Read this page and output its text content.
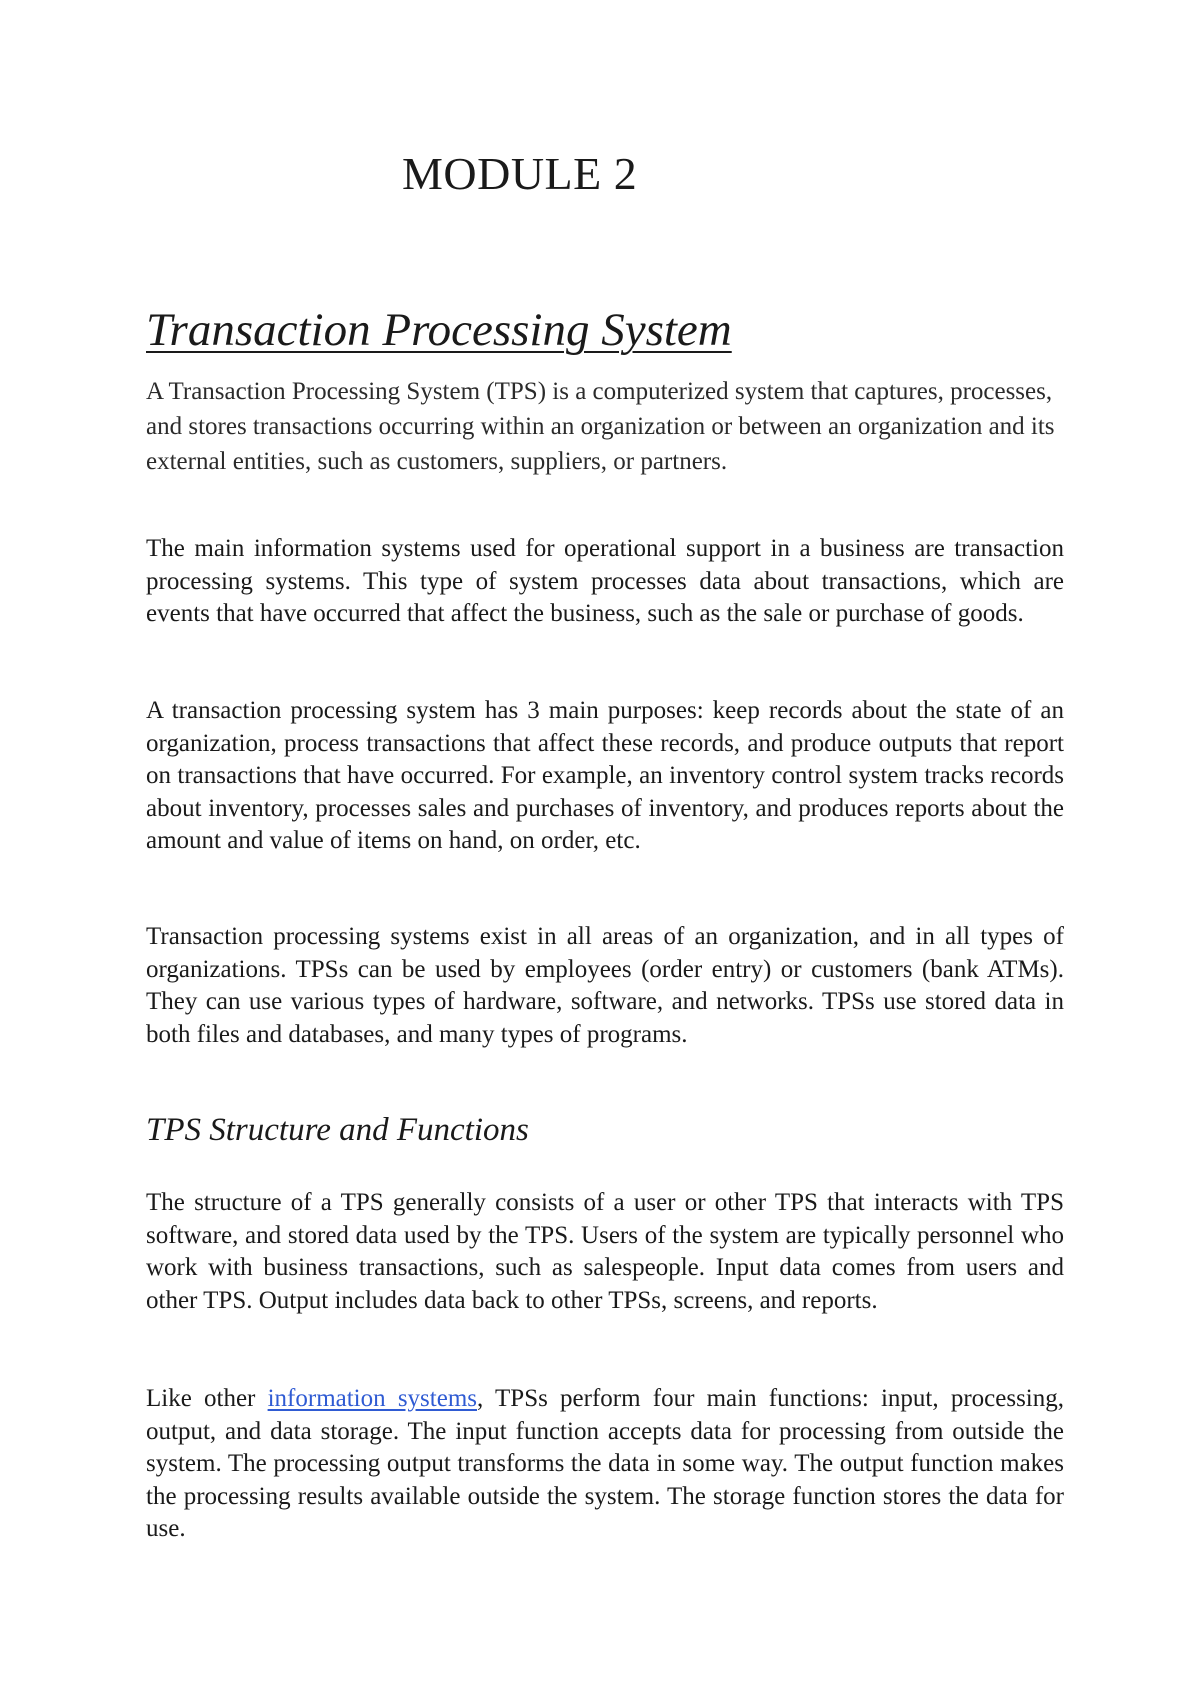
MODULE 2
Transaction Processing System

A Transaction Processing System (TPS) is a computerized system that captures, processes, and stores transactions occurring within an organization or between an organization and its external entities, such as customers, suppliers, or partners.

The main information systems used for operational support in a business are transaction processing systems. This type of system processes data about transactions, which are events that have occurred that affect the business, such as the sale or purchase of goods.

A transaction processing system has 3 main purposes: keep records about the state of an organization, process transactions that affect these records, and produce outputs that report on transactions that have occurred. For example, an inventory control system tracks records about inventory, processes sales and purchases of inventory, and produces reports about the amount and value of items on hand, on order, etc.

Transaction processing systems exist in all areas of an organization, and in all types of organizations. TPSs can be used by employees (order entry) or customers (bank ATMs). They can use various types of hardware, software, and networks. TPSs use stored data in both files and databases, and many types of programs.

TPS Structure and Functions

The structure of a TPS generally consists of a user or other TPS that interacts with TPS software, and stored data used by the TPS. Users of the system are typically personnel who work with business transactions, such as salespeople. Input data comes from users and other TPS. Output includes data back to other TPSs, screens, and reports.

Like other information systems, TPSs perform four main functions: input, processing, output, and data storage. The input function accepts data for processing from outside the system. The processing output transforms the data in some way. The output function makes the processing results available outside the system. The storage function stores the data for use.
